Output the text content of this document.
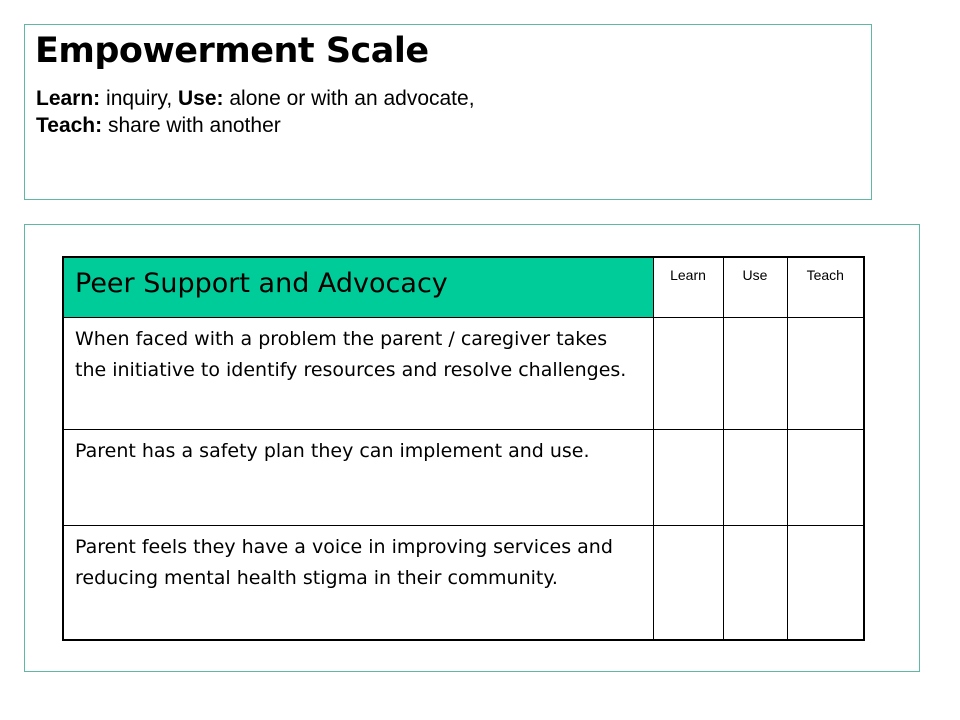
Empowerment Scale
Learn: inquiry, Use: alone or with an advocate,
Teach: share with another
Peer Support and Advocacy	Learn	Use	Teach
When faced with a problem the parent / caregiver takes the initiative to identify resources and resolve challenges.			
Parent has a safety plan they can implement and use.			
Parent feels they have a voice in improving services and reducing mental health stigma in their community.			
